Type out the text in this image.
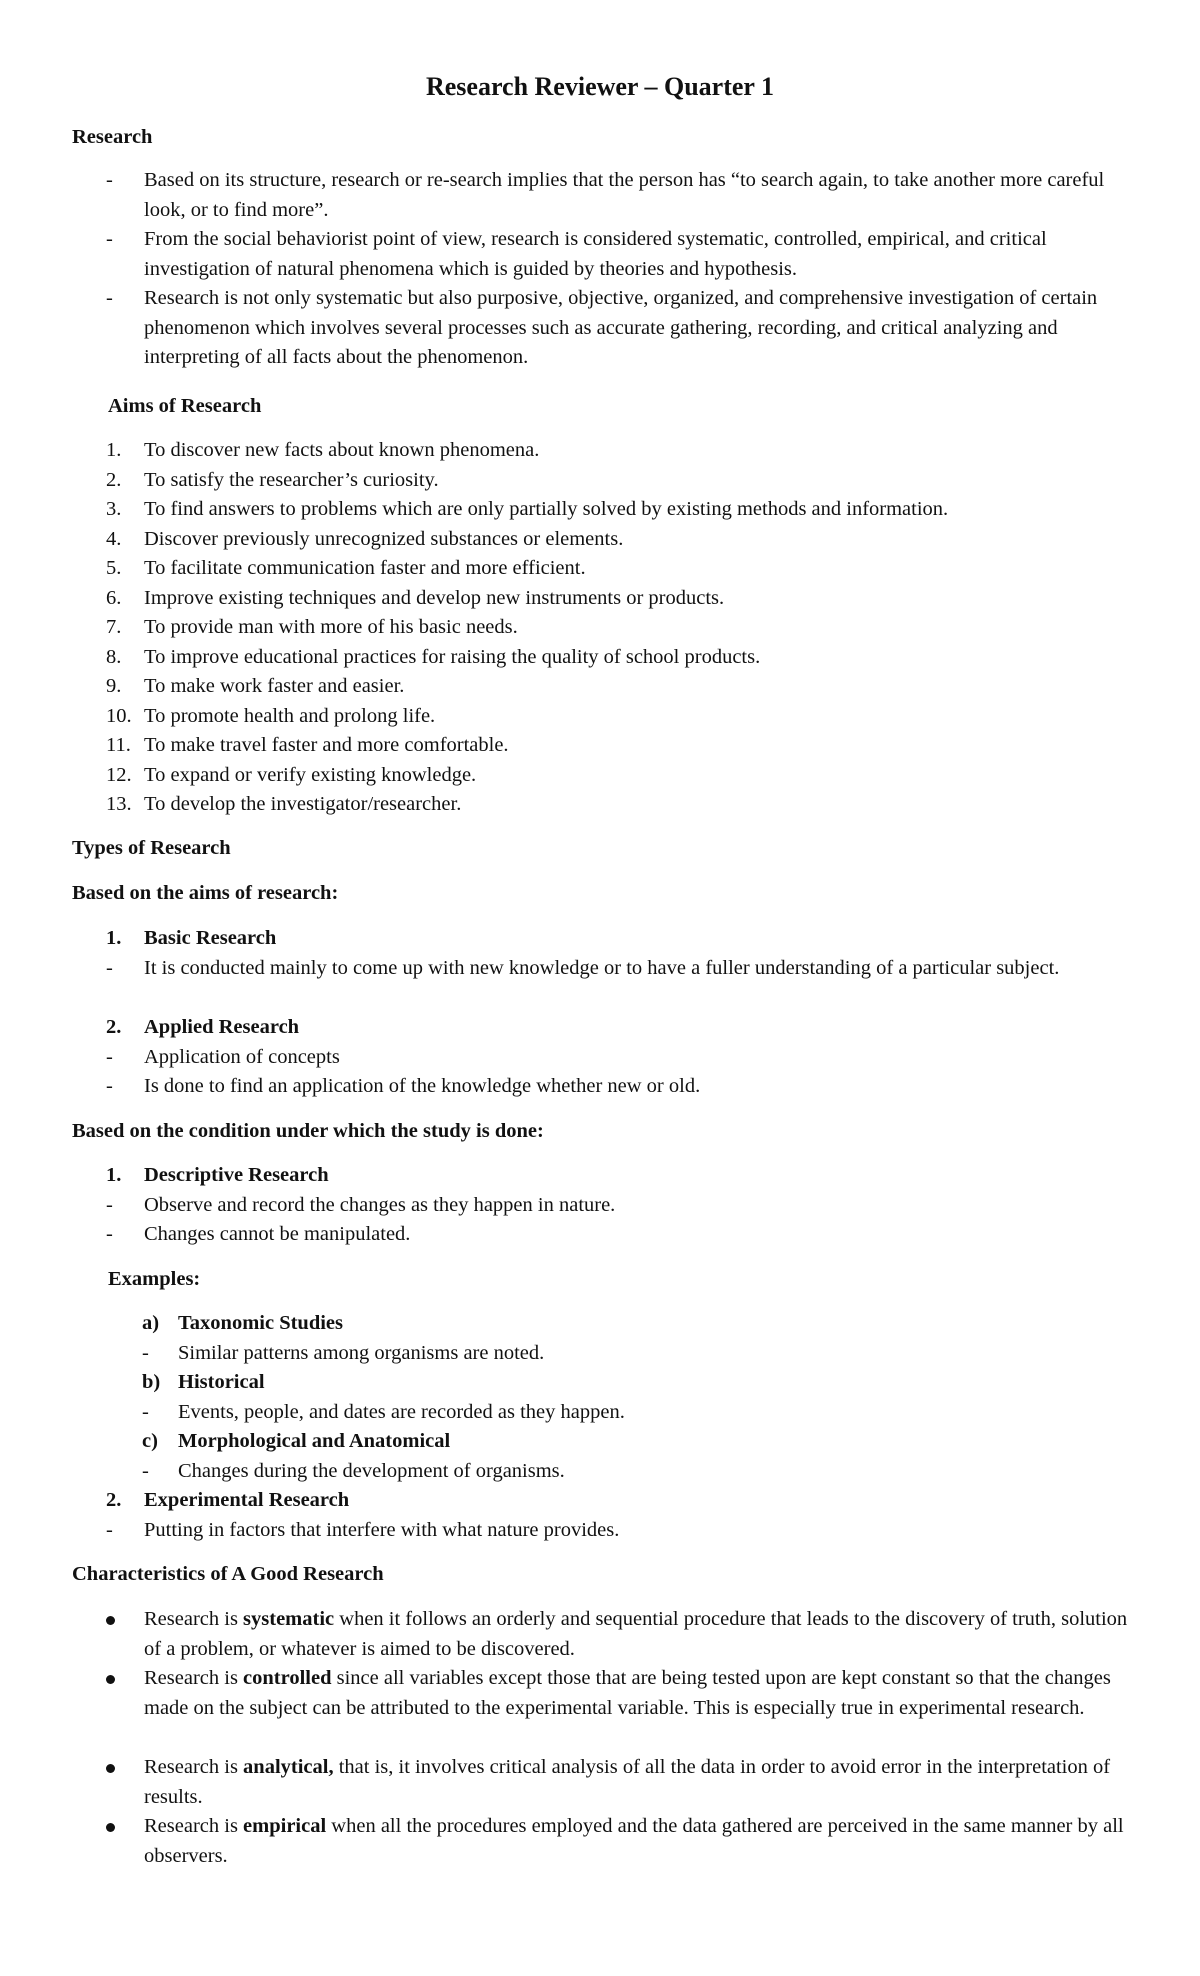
Research Reviewer – Quarter 1
Research
-	Based on its structure, research or re-search implies that the person has “to search again, to take another more careful look, or to find more”.
-	From the social behaviorist point of view, research is considered systematic, controlled, empirical, and critical investigation of natural phenomena which is guided by theories and hypothesis.
-	Research is not only systematic but also purposive, objective, organized, and comprehensive investigation of certain phenomenon which involves several processes such as accurate gathering, recording, and critical analyzing and interpreting of all facts about the phenomenon.
Aims of Research
1.	To discover new facts about known phenomena.
2.	To satisfy the researcher’s curiosity.
3.	To find answers to problems which are only partially solved by existing methods and information.
4.	Discover previously unrecognized substances or elements.
5.	To facilitate communication faster and more efficient.
6.	Improve existing techniques and develop new instruments or products.
7.	To provide man with more of his basic needs.
8.	To improve educational practices for raising the quality of school products.
9.	To make work faster and easier.
10. To promote health and prolong life.
11. To make travel faster and more comfortable.
12. To expand or verify existing knowledge.
13. To develop the investigator/researcher.
Types of Research
Based on the aims of research:
1.	Basic Research
-	It is conducted mainly to come up with new knowledge or to have a fuller understanding of a particular subject.
2.	Applied Research
-	Application of concepts
-	Is done to find an application of the knowledge whether new or old.
Based on the condition under which the study is done:
1.	Descriptive Research
-	Observe and record the changes as they happen in nature.
-	Changes cannot be manipulated.
Examples:
a) Taxonomic Studies
-	Similar patterns among organisms are noted.
b) Historical
-	Events, people, and dates are recorded as they happen.
c) Morphological and Anatomical
-	Changes during the development of organisms.
2.	Experimental Research
-	Putting in factors that interfere with what nature provides.
Characteristics of A Good Research
Research is systematic when it follows an orderly and sequential procedure that leads to the discovery of truth, solution of a problem, or whatever is aimed to be discovered.
Research is controlled since all variables except those that are being tested upon are kept constant so that the changes made on the subject can be attributed to the experimental variable. This is especially true in experimental research.
Research is analytical, that is, it involves critical analysis of all the data in order to avoid error in the interpretation of results.
Research is empirical when all the procedures employed and the data gathered are perceived in the same manner by all observers.
